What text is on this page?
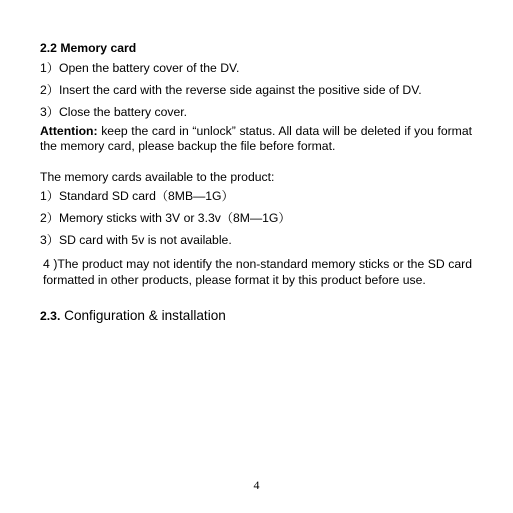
2.2 Memory card
1）Open the battery cover of the DV.
2）Insert the card with the reverse side against the positive side of DV.
3）Close the battery cover.
Attention: keep the card in “unlock” status. All data will be deleted if you format the memory card, please backup the file before format.
The memory cards available to the product:
1）Standard SD card（8MB—1G）
2）Memory sticks with 3V or 3.3v（8M—1G）
3）SD card with 5v is not available.
4 )The product may not identify the non-standard memory sticks or the SD card formatted in other products, please format it by this product before use.
2.3. Configuration & installation
4
